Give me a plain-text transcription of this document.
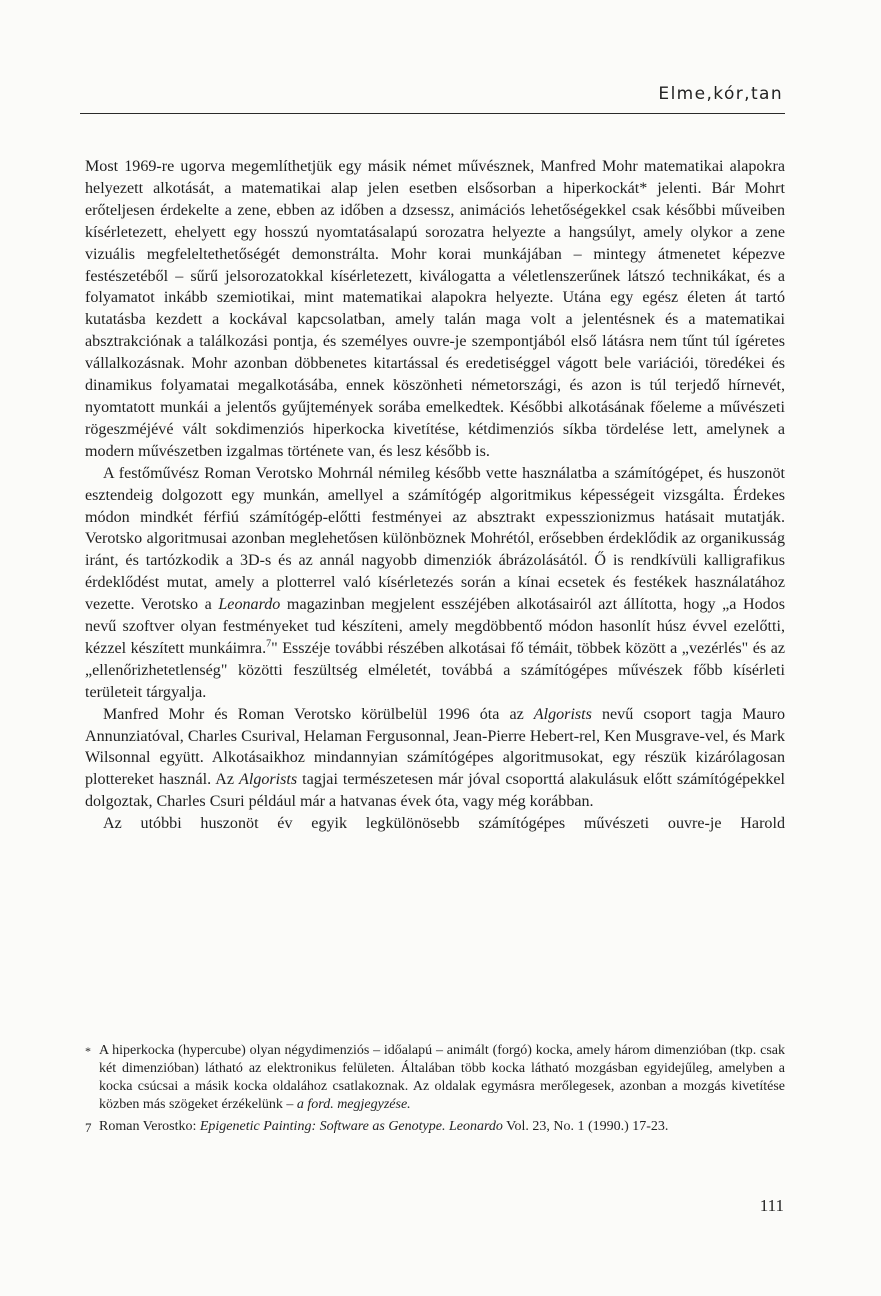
Elme,kór,tan

Most 1969-re ugorva megemlíthetjük egy másik német művésznek, Manfred Mohr matematikai alapokra helyezett alkotását, a matematikai alap jelen esetben elsősorban a hiperkockát* jelenti. Bár Mohrt erőteljesen érdekelte a zene, ebben az időben a dzsessz, animációs lehetőségekkel csak későbbi műveiben kísérletezett, ehelyett egy hosszú nyomtatásalapú sorozatra helyezte a hangsúlyt, amely olykor a zene vizuális megfeleltethetőségét demonstrálta. Mohr korai munkájában – mintegy átmenetet képezve festészetéből – sűrű jelsorozatokkal kísérletezett, kiválogatta a véletlenszerűnek látszó technikákat, és a folyamatot inkább szemiotikai, mint matematikai alapokra helyezte. Utána egy egész életen át tartó kutatásba kezdett a kockával kapcsolatban, amely talán maga volt a jelentésnek és a matematikai absztrakciónak a találkozási pontja, és személyes ouvre-je szempontjából első látásra nem tűnt túl ígéretes vállalkozásnak. Mohr azonban döbbenetes kitartással és eredetiséggel vágott bele variációi, töredékei és dinamikus folyamatai megalkotásába, ennek köszönheti németországi, és azon is túl terjedő hírnevét, nyomtatott munkái a jelentős gyűjtemények sorába emelkedtek. Későbbi alkotásának főeleme a művészeti rögeszméjévé vált sokdimenziós hiperkocka kivetítése, kétdimenziós síkba tördelése lett, amelynek a modern művészetben izgalmas története van, és lesz később is.

A festőművész Roman Verotsko Mohrnál némileg később vette használatba a számítógépet, és huszonöt esztendeig dolgozott egy munkán, amellyel a számítógép algoritmikus képességeit vizsgálta. Érdekes módon mindkét férfiú számítógép-előtti festményei az absztrakt expesszionizmus hatásait mutatják. Verotsko algoritmusai azonban meglehetősen különböznek Mohrétól, erősebben érdeklődik az organikusság iránt, és tartózkodik a 3D-s és az annál nagyobb dimenziók ábrázolásától. Ő is rendkívüli kalligrafikus érdeklődést mutat, amely a plotterrel való kísérletezés során a kínai ecsetek és festékek használatához vezette. Verotsko a Leonardo magazinban megjelent esszéjében alkotásairól azt állította, hogy „a Hodos nevű szoftver olyan festményeket tud készíteni, amely megdöbbentő módon hasonlít húsz évvel ezelőtti, kézzel készített munkáimra.$^7$" Esszéje további részében alkotásai fő témáit, többek között a „vezérlés" és az „ellenőrizhetetlenség" közötti feszültség elméletét, továbbá a számítógépes művészek főbb kísérleti területeit tárgyalja.

Manfred Mohr és Roman Verotsko körülbelül 1996 óta az Algorists nevű csoport tagja Mauro Annunziatóval, Charles Csurival, Helaman Fergusonnal, Jean-Pierre Hebert-rel, Ken Musgrave-vel, és Mark Wilsonnal együtt. Alkotásaikhoz mindannyian számítógépes algoritmusokat, egy részük kizárólagosan plottereket használ. Az Algorists tagjai természetesen már jóval csoporttá alakulásuk előtt számítógépekkel dolgoztak, Charles Csuri például már a hatvanas évek óta, vagy még korábban.

Az utóbbi huszonöt év egyik legkülönösebb számítógépes művészeti ouvre-je Harold

* A hiperkocka (hypercube) olyan négydimenziós – időalapú – animált (forgó) kocka, amely három dimenzióban (tkp. csak két dimenzióban) látható az elektronikus felületen. Általában több kocka látható mozgásban egyidejűleg, amelyben a kocka csúcsai a másik kocka oldalához csatlakoznak. Az oldalak egymásra merőlegesek, azonban a mozgás kivetítése közben más szögeket érzékelünk – a ford. megjegyzése.
7 Roman Verostko: Epigenetic Painting: Software as Genotype. Leonardo Vol. 23, No. 1 (1990.) 17-23.
111
